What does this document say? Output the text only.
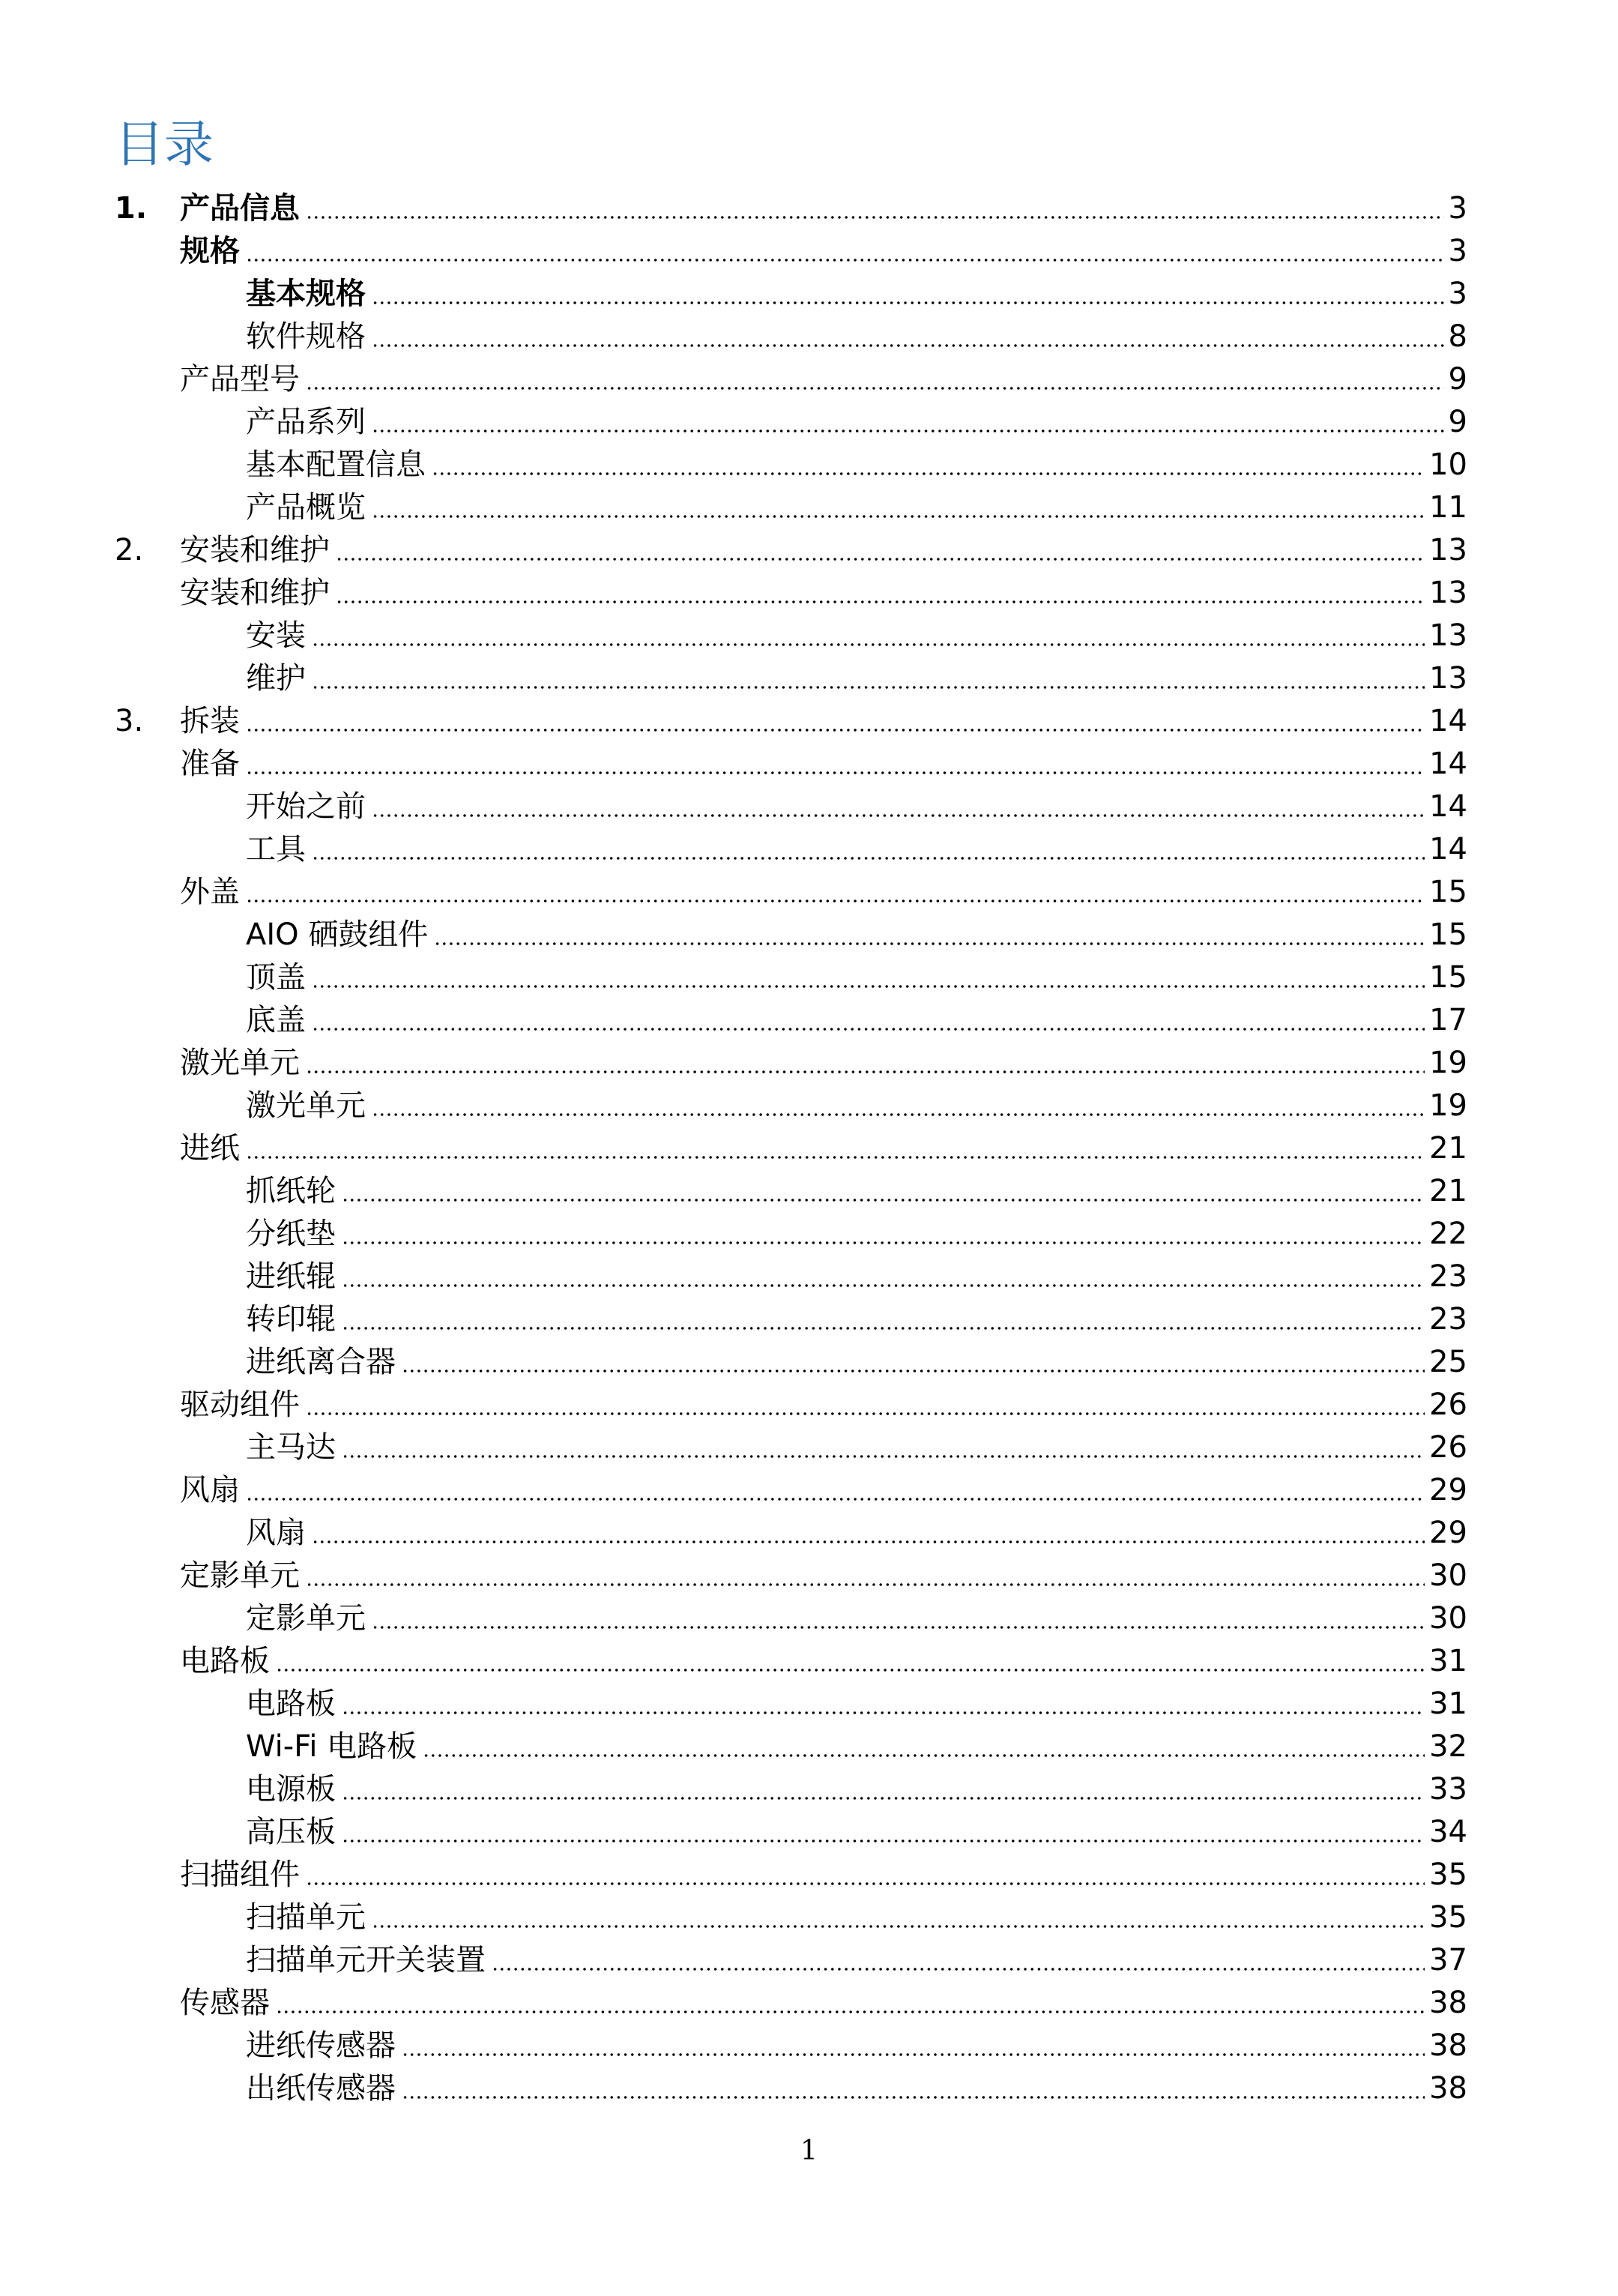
目录
1.	产品信息	3
规格	3
基本规格	3
软件规格	8
产品型号	9
产品系列	9
基本配置信息	10
产品概览	11
2.	安装和维护	13
安装和维护	13
安装	13
维护	13
3.	拆装	14
准备	14
开始之前	14
工具	14
外盖	15
AIO 硒鼓组件	15
顶盖	15
底盖	17
激光单元	19
激光单元	19
进纸	21
抓纸轮	21
分纸垫	22
进纸辊	23
转印辊	23
进纸离合器	25
驱动组件	26
主马达	26
风扇	29
风扇	29
定影单元	30
定影单元	30
电路板	31
电路板	31
Wi-Fi 电路板	32
电源板	33
高压板	34
扫描组件	35
扫描单元	35
扫描单元开关装置	37
传感器	38
进纸传感器	38
出纸传感器	38
1
